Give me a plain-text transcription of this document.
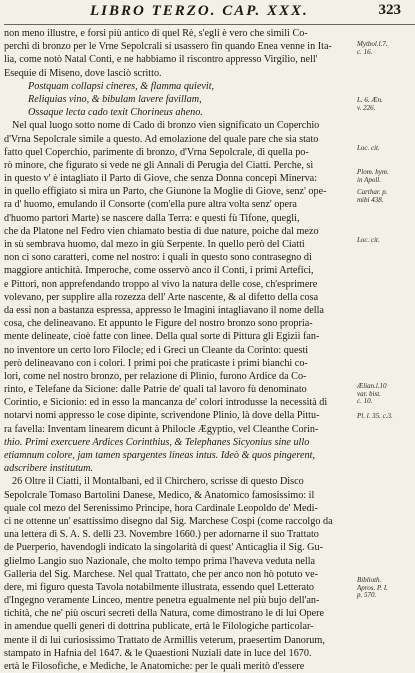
LIBRO TERZO. CAP. XXX.	323
non meno illustre, e forsi più antico di quel Rè, s'egli è vero che simili Co-
perchi di bronzo per le Vrne Sepolcrali si usassero fin quando Enea venne in Ita-
lia, come notò Natal Conti, e ne habbiamo il riscontro appresso Virgilio, nell'
Esequie di Miseno, dove lasciò scritto.
Postquam collapsi cineres, & flamma quievit,
Reliquias vino, & bibulam lavere favillam,
Ossaque lecta cado texit Chorineus aheno.
Nel qual luogo sotto nome di Cado di bronzo vien significato un Coperchio
d'Vrna Sepolcrale simile a questo. Ad emolazione del quale pare che sia stato
fatto quel Coperchio, parimente di bronzo, d'Vrna Sepolcrale, di quella po-
rò minore, che figurato si vede ne gli Annali di Perugia del Ciatti. Perche, sì
in questo v' è intagliato il Parto di Giove, che senza Donna concepì Minerva:
in quello effigiato si mira un Parto, che Giunone la Moglie di Giove, senz' ope-
ra d' huomo, emulando il Consorte (com'ella pure altra volta senz' opera
d'huomo partorì Marte) se nascere dalla Terra: e questi fù Tifone, quegli,
che da Platone nel Fedro vien chiamato bestia di due nature, poiche dal mezo
in sù sembrava huomo, dal mezo in giù Serpente. In quello però del Ciatti
non ci sono caratteri, come nel nostro: i quali in questo sono contrasegno di
maggiore antichità. Imperoche, come osservò anco il Conti, i primi Artefici,
e Pittori, non apprefendando troppo al vivo la natura delle cose, ch'esprimere
volevano, per supplire alla rozezza dell' Arte nascente, & al difetto della cosa
da essi non a bastanza espressa, appresso le Imagini intagliavano il nome della
cosa, che delineavano. Et appunto le Figure del nostro bronzo sono propria-
mente delineate, cioè fatte con linee. Della qual sorte di Pittura gli Egizii fan-
no inventore un certo loro Filocle; ed i Greci un Cleante da Corinto: questi
però delineavano con i colori. I primi poi che praticaste i primi bianchi co-
lori, come nel nostro bronzo, per relazione di Plinio, furono Ardice da Co-
rinto, e Telefane da Sicione: dalle Patrie de' quali tal lavoro fù denominato
Corintio, e Sicionio: ed in esso la mancanza de' colori introdusse la necessità di
notarvi nomi appresso le cose dipinte, scrivendone Plinio, là dove della Pittu-
ra favella: Inventam linearem dicunt à Philocle Ægyptio, vel Cleanthe Corin-
thio. Primi exercuere Ardices Corinthius, & Telephanes Sicyonius sine ullo
etiamnum colore, jam tamen spargentes lineas intus. Ideò & quos pingerent,
adscribere institutum.
26 Oltre il Ciatti, il Montalbani, ed il Chirchero, scrisse di questo Disco
Sepolcrale Tomaso Bartolini Danese, Medico, & Anatomico famosissimo: il
quale col mezo del Serenissimo Principe, hora Cardinale Leopoldo de' Medi-
ci ne ottenne un' esattissimo disegno dal Sig. Marchese Cospi (come raccolgo da
una lettera di S. A. S. delli 23. Novembre 1660.) per adornarne il suo Trattato
de Puerperio, havendogli indicato la singolarità di quest' Anticaglia il Sig. Gu-
glielmo Langio suo Nazionale, che molto tempo prima l'haveva veduta nella
Galleria del Sig. Marchese. Nel qual Trattato, che per anco non hò potuto ve-
dere, mi figuro questa Tavola notabilmente illustrata, essendo quel Letterato
d'Ingegno veramente Linceo, mentre penetra egualmente nel più bujo dell'an-
tichità, che ne' più oscuri secreti della Natura, come dimostrano le di lui Opere
in amendue quelli generi di dottrina publicate, ertà le Filologiche particolar-
mente il di lui curiosissimo Trattato de Armillis veterum, praesertim Danorum,
stampato in Hafnia del 1647. & le Quaestioni Nuziali date in luce del 1670.
ertà le Filosofiche, e Mediche, le Anatomiche: per le quali meritò d'essere
Mytbol.l.7.
c. 16.
L. 6. Æn.
v. 226.
Loc. cit.
Plom. hym.
in Apoll.
Carthar. p.
mibi 438.
Loc. cit.
Ælian.l.10
var. bist.
c. 10.
Pl. l. 35. c.3.
Biblioth.
Apros. P. I.
p. 570.
